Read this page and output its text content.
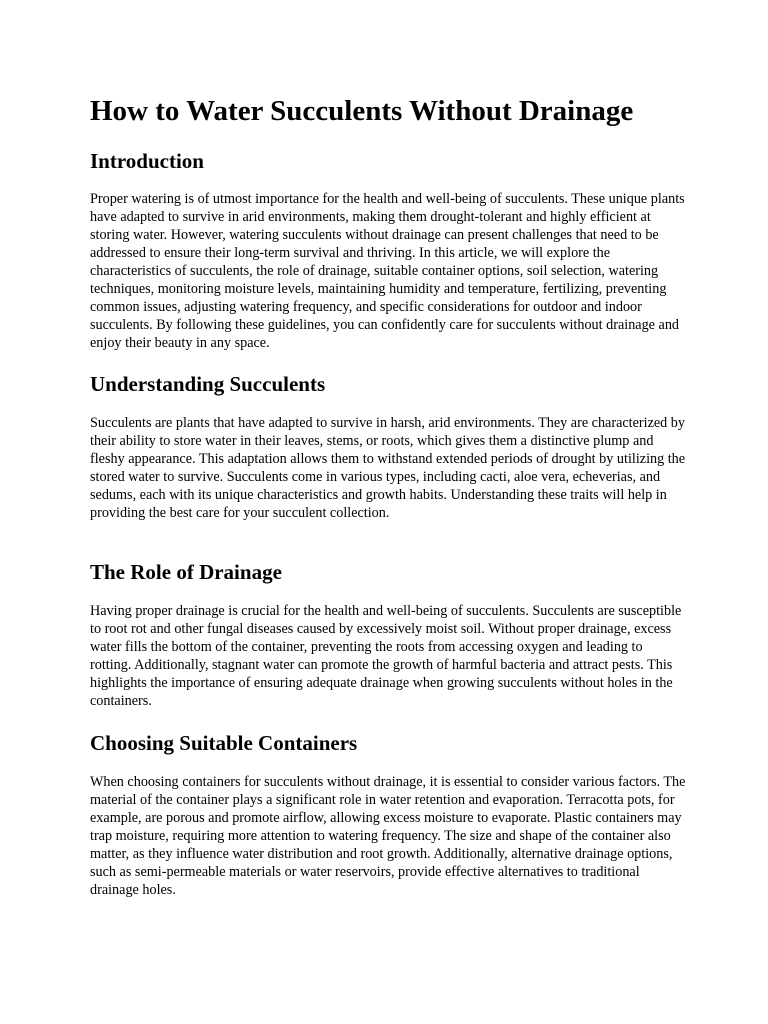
How to Water Succulents Without Drainage
Introduction

Proper watering is of utmost importance for the health and well-being of succulents. These unique plants have adapted to survive in arid environments, making them drought-tolerant and highly efficient at storing water. However, watering succulents without drainage can present challenges that need to be addressed to ensure their long-term survival and thriving. In this article, we will explore the characteristics of succulents, the role of drainage, suitable container options, soil selection, watering techniques, monitoring moisture levels, maintaining humidity and temperature, fertilizing, preventing common issues, adjusting watering frequency, and specific considerations for outdoor and indoor succulents. By following these guidelines, you can confidently care for succulents without drainage and enjoy their beauty in any space.

Understanding Succulents

Succulents are plants that have adapted to survive in harsh, arid environments. They are characterized by their ability to store water in their leaves, stems, or roots, which gives them a distinctive plump and fleshy appearance. This adaptation allows them to withstand extended periods of drought by utilizing the stored water to survive. Succulents come in various types, including cacti, aloe vera, echeverias, and sedums, each with its unique characteristics and growth habits. Understanding these traits will help in providing the best care for your succulent collection.

The Role of Drainage

Having proper drainage is crucial for the health and well-being of succulents. Succulents are susceptible to root rot and other fungal diseases caused by excessively moist soil. Without proper drainage, excess water fills the bottom of the container, preventing the roots from accessing oxygen and leading to rotting. Additionally, stagnant water can promote the growth of harmful bacteria and attract pests. This highlights the importance of ensuring adequate drainage when growing succulents without holes in the containers.

Choosing Suitable Containers

When choosing containers for succulents without drainage, it is essential to consider various factors. The material of the container plays a significant role in water retention and evaporation. Terracotta pots, for example, are porous and promote airflow, allowing excess moisture to evaporate. Plastic containers may trap moisture, requiring more attention to watering frequency. The size and shape of the container also matter, as they influence water distribution and root growth. Additionally, alternative drainage options, such as semi-permeable materials or water reservoirs, provide effective alternatives to traditional drainage holes.
